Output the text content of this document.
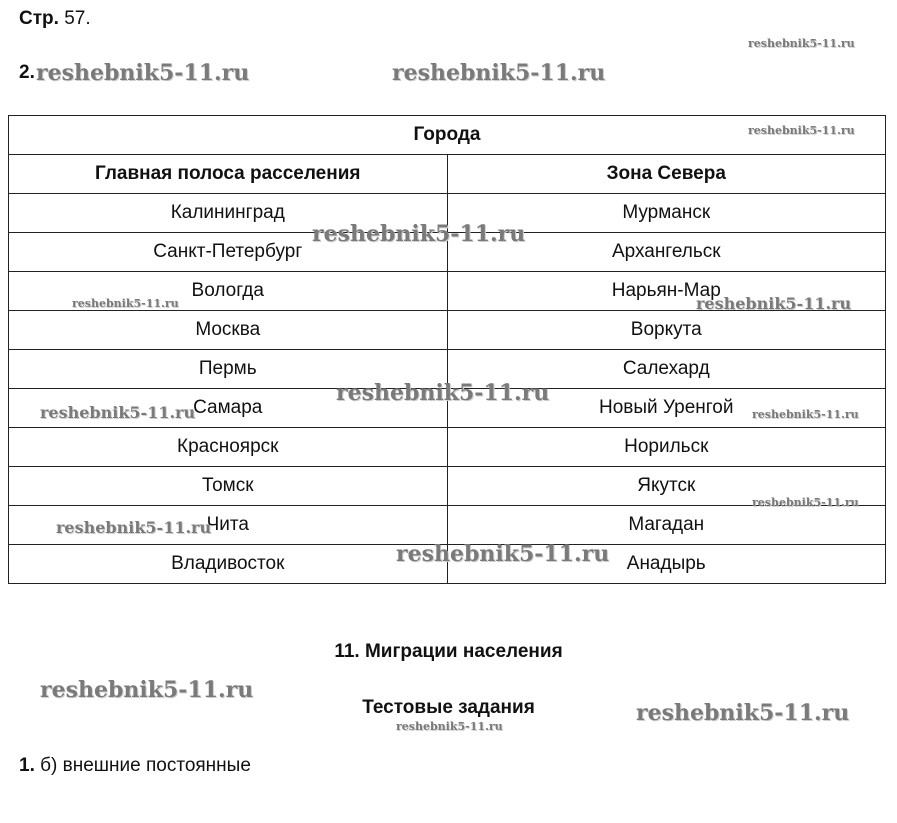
Стр. 57.
2.
Города	
Главная полоса расселения	Зона Севера
Калининград	Мурманск
Санкт-Петербург	Архангельск
Вологда	Нарьян-Мар
Москва	Воркута
Пермь	Салехард
Самара	Новый Уренгой
Красноярск	Норильск
Томск	Якутск
Чита	Магадан
Владивосток	Анадырь
11. Миграции населения
Тестовые задания
1. б) внешние постоянные
reshebnik5-11.ru
reshebnik5-11.ru	reshebnik5-11.ru
reshebnik5-11.ru
reshebnik5-11.ru
reshebnik5-11.ru	reshebnik5-11.ru
reshebnik5-11.ru
reshebnik5-11.ru	reshebnik5-11.ru
reshebnik5-11.ru
reshebnik5-11.ru
reshebnik5-11.ru
reshebnik5-11.ru
reshebnik5-11.ru
reshebnik5-11.ru
